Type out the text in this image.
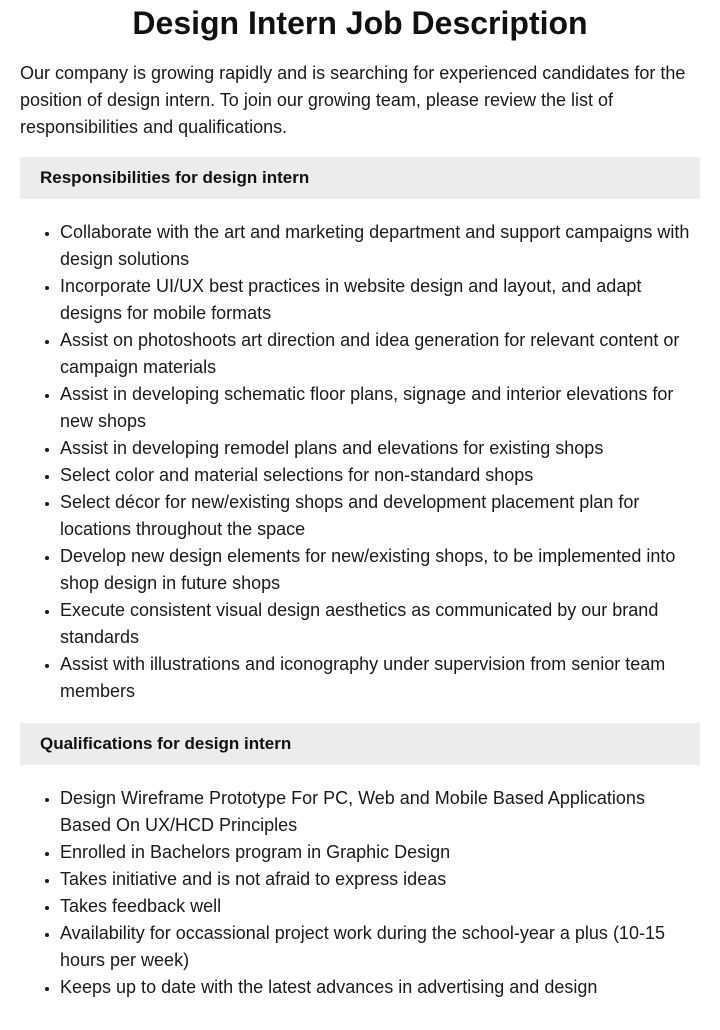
Design Intern Job Description

Our company is growing rapidly and is searching for experienced candidates for the position of design intern. To join our growing team, please review the list of responsibilities and qualifications.

Responsibilities for design intern
• Collaborate with the art and marketing department and support campaigns with design solutions
• Incorporate UI/UX best practices in website design and layout, and adapt designs for mobile formats
• Assist on photoshoots art direction and idea generation for relevant content or campaign materials
• Assist in developing schematic floor plans, signage and interior elevations for new shops
• Assist in developing remodel plans and elevations for existing shops
• Select color and material selections for non-standard shops
• Select décor for new/existing shops and development placement plan for locations throughout the space
• Develop new design elements for new/existing shops, to be implemented into shop design in future shops
• Execute consistent visual design aesthetics as communicated by our brand standards
• Assist with illustrations and iconography under supervision from senior team members
Qualifications for design intern
• Design Wireframe Prototype For PC, Web and Mobile Based Applications Based On UX/HCD Principles
• Enrolled in Bachelors program in Graphic Design
• Takes initiative and is not afraid to express ideas
• Takes feedback well
• Availability for occassional project work during the school-year a plus (10-15 hours per week)
• Keeps up to date with the latest advances in advertising and design
